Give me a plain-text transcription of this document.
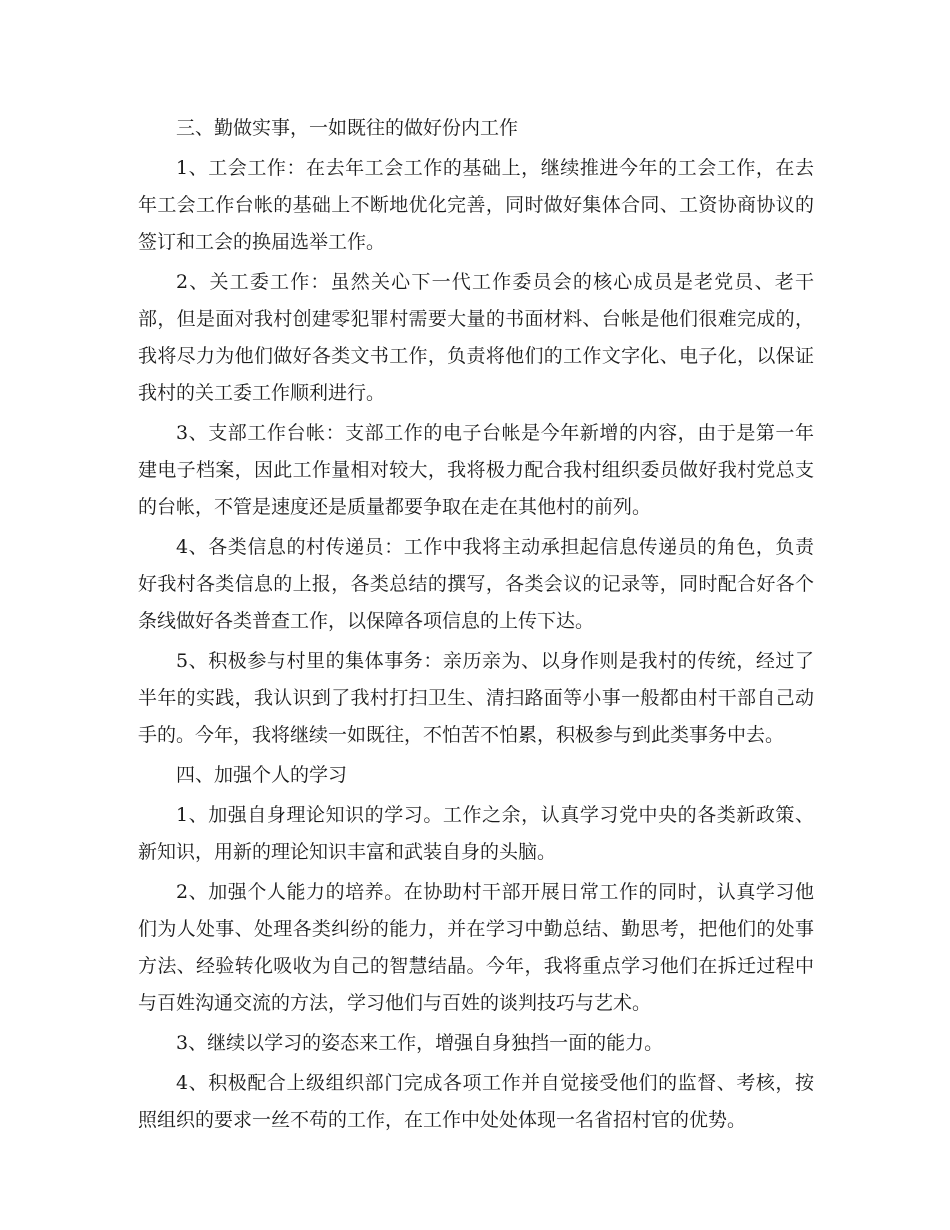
三、勤做实事，一如既往的做好份内工作

1、工会工作：在去年工会工作的基础上，继续推进今年的工会工作，在去年工会工作台帐的基础上不断地优化完善，同时做好集体合同、工资协商协议的签订和工会的换届选举工作。

2、关工委工作：虽然关心下一代工作委员会的核心成员是老党员、老干部，但是面对我村创建零犯罪村需要大量的书面材料、台帐是他们很难完成的，我将尽力为他们做好各类文书工作，负责将他们的工作文字化、电子化，以保证我村的关工委工作顺利进行。

3、支部工作台帐：支部工作的电子台帐是今年新增的内容，由于是第一年建电子档案，因此工作量相对较大，我将极力配合我村组织委员做好我村党总支的台帐，不管是速度还是质量都要争取在走在其他村的前列。

4、各类信息的村传递员：工作中我将主动承担起信息传递员的角色，负责好我村各类信息的上报，各类总结的撰写，各类会议的记录等，同时配合好各个条线做好各类普查工作，以保障各项信息的上传下达。

5、积极参与村里的集体事务：亲历亲为、以身作则是我村的传统，经过了半年的实践，我认识到了我村打扫卫生、清扫路面等小事一般都由村干部自己动手的。今年，我将继续一如既往，不怕苦不怕累，积极参与到此类事务中去。

四、加强个人的学习

1、加强自身理论知识的学习。工作之余，认真学习党中央的各类新政策、新知识，用新的理论知识丰富和武装自身的头脑。

2、加强个人能力的培养。在协助村干部开展日常工作的同时，认真学习他们为人处事、处理各类纠纷的能力，并在学习中勤总结、勤思考，把他们的处事方法、经验转化吸收为自己的智慧结晶。今年，我将重点学习他们在拆迁过程中与百姓沟通交流的方法，学习他们与百姓的谈判技巧与艺术。

3、继续以学习的姿态来工作，增强自身独挡一面的能力。

4、积极配合上级组织部门完成各项工作并自觉接受他们的监督、考核，按照组织的要求一丝不苟的工作，在工作中处处体现一名省招村官的优势。
